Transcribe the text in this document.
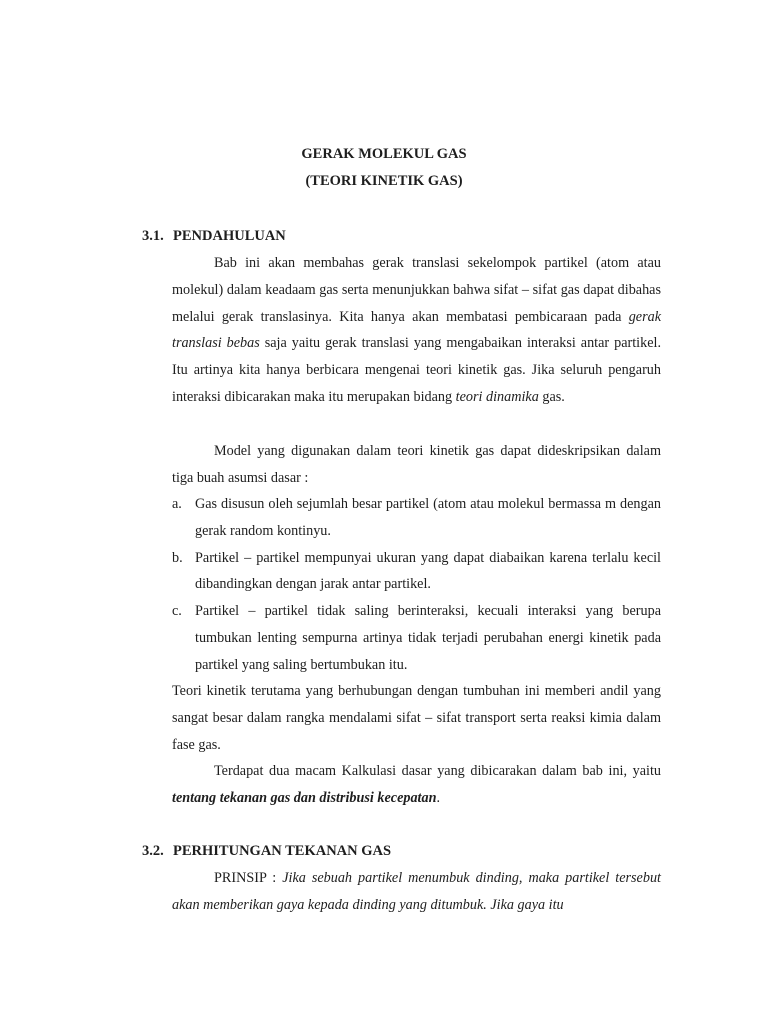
GERAK MOLEKUL GAS
(TEORI KINETIK GAS)
3.1. PENDAHULUAN
Bab ini akan membahas gerak translasi sekelompok partikel (atom atau molekul) dalam keadaam gas serta menunjukkan bahwa sifat – sifat gas dapat dibahas melalui gerak translasinya. Kita hanya akan membatasi pembicaraan pada gerak translasi bebas saja yaitu gerak translasi yang mengabaikan interaksi antar partikel. Itu artinya kita hanya berbicara mengenai teori kinetik gas. Jika seluruh pengaruh interaksi dibicarakan maka itu merupakan bidang teori dinamika gas.
Model yang digunakan dalam teori kinetik gas dapat dideskripsikan dalam tiga buah asumsi dasar :
a. Gas disusun oleh sejumlah besar partikel (atom atau molekul bermassa m dengan gerak random kontinyu.
b. Partikel – partikel mempunyai ukuran yang dapat diabaikan karena terlalu kecil dibandingkan dengan jarak antar partikel.
c. Partikel – partikel tidak saling berinteraksi, kecuali interaksi yang berupa tumbukan lenting sempurna artinya tidak terjadi perubahan energi kinetik pada partikel yang saling bertumbukan itu.
Teori kinetik terutama yang berhubungan dengan tumbuhan ini memberi andil yang sangat besar dalam rangka mendalami sifat – sifat transport serta reaksi kimia dalam fase gas.
Terdapat dua macam Kalkulasi dasar yang dibicarakan dalam bab ini, yaitu tentang tekanan gas dan distribusi kecepatan.
3.2. PERHITUNGAN TEKANAN GAS
PRINSIP : Jika sebuah partikel menumbuk dinding, maka partikel tersebut akan memberikan gaya kepada dinding yang ditumbuk. Jika gaya itu
